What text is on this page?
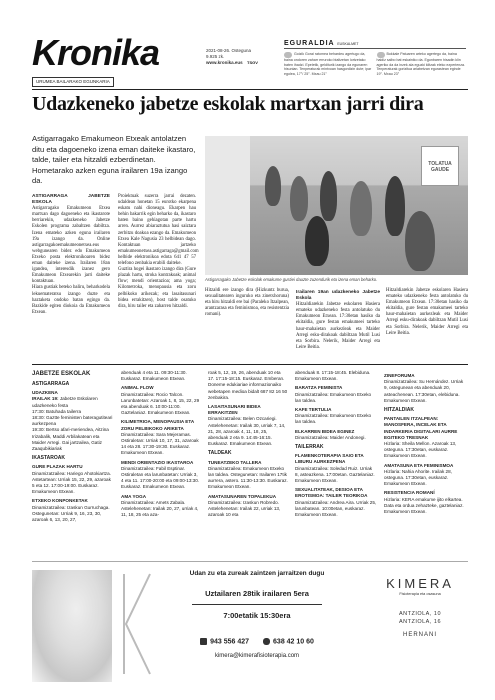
Kronika
URUMEA BAILARAKO EGUNKARIA
2021-08-26. Osteguna
9.925 zk.
www.kronika.eus	TSGV
EGURALDIA EUSKALMET
Goizik Gorai ratomea behardeu agertugo da, baina ondoren zaharr erruroko bialtzetan lortzetako baten ihadzi. Epeletik, gelditurik izango da egunaren hisunian. Tenperaturak mintxoan hasgordizin dute; ipar egolea, 17°/ 25°. Mxau 21°
Bokkale Patuaren arteko agertego da, baina haldiz salbo bat eskainiko da. Egunbaren hisadin klin ageriko da da inzek ala eguzki klitzak eleko ezperienza. Tenperaturak gorizitua ariabetzan egurastean eginde 19°. Mxau 23°
Udazkeneko jabetze eskolak martxan jarri dira
Astigarragako Emakumeon Etxeak antolatzen ditu eta dagoeneko izena eman daiteke ikastaro, talde, tailer eta hitzaldi ezberdinetan. Hometarako azken eguna irailaren 19a izango da.
TOLATUA GAUDE
Astigarragako Jabetze eskolak emakume gustiei dauzte zuzendurik eta izena eman beharko.
ASTIGARRAGA JABETZE ESKOLA

Astigarragako Emakumeon Etxea martxan dago dagoeneko eta ikastarote berriarekin, udazkeneko Jabetze Eskolen programa zabaltzen dabiltza. Izena emateko azken eguna irailaren 19a izango da. Online astigarragakoemakumeonetxea.eus webgunearen bidez edo Emakumeon Etxeko posta elektronikoaren bidez eman daiteke izena. Irailaren 18an igandea, interesdik izanez gero Emakumeon Etxearekin jarri daiteke kontaktuan.

Hiara gustiak beteko baliru, beharkodela lekuemateratsu izango duzte eta haztaketa ondoko batan egingo da. Bazkide egiten diokoia da Emakumeon Etxean.

Proiektuak suzerra jarrai dezaten. udaldean honetan 15 eurotko ekarpena eskatu nahi dioneagu. Ekarpen hau behin bakarrik egin beharko da, ikastaro baten baino gehiagotan parte hartu arren. Aurrez abiaraztutua hasi saiztara zerbitzu doakoa ezango da. Emakumeon Etxea Kale Nagusia 23 helbidean dago. Kontaktuan jartzeko emakumeonetxea.astigarraga@gmail.com helbide elektronikoa edota 641 47 57 telefono zenbakia erabili daiteke.

Guztira hogei ikastaro izango dira (Gure plazak hartu, stroka kontrakoak; animal flow; mendi orientazioa; ama yoga; Kilometroka, menopausia eta zoru pelbikoko arikezak; eta lasaitasunari bidea errakitzen), bost talde osatuko dira, hiru tailer eta zaharren hitzaldi.

Hitzaldi ere izango dira (Hizkuntz burua, sexualitatearen inguruko eta zinetxhoruna) eta hiru hitzaldi ere bai (Paraleko Itzalpean, arantzarasa eta feminismoa, eta resistentzia romani).

Irailaren 19an udazkeneko Jabetze Eskola

Hitzaldiarekin Jabetze eskolaren Hasiera emateko udazkeneko festa antolatuko du Emakumeon Etxean. 17:30etan hasiko da ekitaldia, gure festan emakumeei tarteko haur-mahaietan aurkezleak eta Maider Arregi esku-dirakoak dabiltzan Mutil Lusi eta Sorbira. Nelerik, Maider Arregi eta Leire Beitia.

Hitzaldiarekin Jabetze eskolaren Hasiera emateko udazkeneko festa antolatuko du Emakumeon Etxean. 17:30etan hasiko da ekitaldia, gure festan emakumeei tarteko haur-mahaietan aurkezleak eta Maider Arregi esku-dirakoak dabiltzan Mutil Lusi eta Sorbira. Nelerik, Maider Arregi eta Leire Beitia.

JABETZE ESKOLAK
ASTIGARRAGA
UDAZKENA

IRAILAK 19: Jabetze Eskolaren udazkeneko festa

17:30: Batuhada tailerra

18:30: Gaztte feministen bateragutiteari aurkezpena

19:30: Bertso afari-meriendea, Aitzina Irizabalik, Maddi Arbilakatean eta Maider Arregi. Gai jartzailea, Gatiz Zaaqubikiariak

IKASTAROAK
GURE PLAZAK HARTU

Dinamizatzailea: Hariego Ahotokiartza. Astetartean: Urriak 15, 22, 29, azaroak 5 eta 12. 17:00-19:00. Euskaraz. Emakumeon Etxean.

ETXEKO KONPONKETAK

Dinamizatzailea: Izaskun Gurruchaga. Ostegunetan: Urriak 9, 16, 23, 30, azaroak 6, 13, 20, 27,

abenduak 4 eta 11. 09:30-11:30. Euskaraz. Emakumeon Etxean.

ANIMAL FLOW

Dinamizatzailea: Rocio Talcon. Larunbatetan: Azaroak 1, 8, 15, 22, 29 eta abenduak 6. 10:00-11:00. Gaztelaniaz. Emakumeon Etxean.

KILIMETRIOA, MENOPAUSIA ETA ZORU PELBIKOKO ARIKETA

Dinamizatzailea: Sara Mejeramas. Ostiraletan: Urriak 10, 17, 31, azaroak 14 eta 28. 17:30-19:30. Euskaraz. Emakumeon Etxean.

MENDI ORIENTAZIO IKASTAROA

Dinamizatzailea: Fabil Esptinar. Ostiraletan eta larunbatetan: Urriak 3, 4 eta 11. 17:00-20:00 eta 09:00-13:30. Euskaraz. Emakumeon Etxean.

AMA YOGA

Dinamizatzailea: Amets Zabala. Astelehenetan: Irailak 20, 27, urriak 4, 11, 18, 25 eta aza-

roak 5, 12, 19, 26, abenduak 10 eta 17. 17:15-18:15. Euskaraz. Emberan. Doneme edukiariae informazionaiko webetapen medioa bidalt 687 82 16 50 zenbakira.

LASAITASUNARI BIDEA ERRAKITZEN

Dinamizatzailea: Belen Ozcariegi. Astelehenetan: Irailak 30, urriak 7, 14, 21, 28, azaroak 4, 11, 18, 25, abenduak 2 eta 9. 14:45-16:15. Euskaraz. Emakumeon Etxean.

TALDEAK
TUNEATZEKO TALLERA

Dinamizatzailea: Emakumeon Etxeko lan taldea. Ostegunetan: Irailaren 17tik aurrera, astero. 11:30-13:30. Euskaraz. Emakumeon Etxean.

AMATASUNAREN TOPALEKUA

Dinamizatzailea: Izaskun Robredo. Astelehenetan: Irailak 22, urriak 13, azaroak 10 eta

abenduak 8. 17:15-18:45. Elebiduna. Emakumeon Etxean.

BARATZA FEMINISTA

Dinamizatzailea: Emakumeon Etxeko lan taldea.

KAFE TERTULIA

Dinamizatzailea: Emakumeon Etxeko lan taldea.

ELKARREN BIDEA EGINEZ

Dinamizatzailea: Maider Andonegi.

TAILERRAK
FLAMENKOTERAPIA SAIO ETA LIBURU AURKEZPENA

Dinamizatzailea: Soledad Ruiz. Urriak 8, asteazkena. 17:00etan. Gaztelaniaz. Emakumeon Etxean.

SEXUALITATEAK, DESIOA ETA EROTISMOA: TAILER TEORIKOA

Dinamizatzailea: Andrea Aira. Urriak 25, larunbatean. 10:00etan, euskaraz. Emakumeon Etxean.

ZINEFORUMA

Dinamizatzailea: Su Hernández. Urriak 9, ostegunean eta abenduak 20, asteachenean. 17:30etan, elebiduna. Emakumeon Etxean.

HITZALDIAK
PANTAILEN ITZALPEAN: MANOSFERA, INCELAK ETA INDARKERIA DIGITALARI AURRE EGITEKO TRESNAK

Hizlaria: Sheila Mellon. Azaroak 13, osteguna. 17:30etan, euskaraz. Emakumeon Etxean.

AMATASUNA ETA FEMINISMOA

Hizlaria: Nahia Ahorite. Irailak 28, osteguna. 17:30etan, euskaraz. Emakumeon Etxean.

RESISTENCIA ROMANÍ

Hizlaria: KERA emakume ijito elkartea. Data eta ordua zehazteke, gaztelaniaz. Emakumeon Etxean.

Udan zu eta zureak zaintzen jarraitzen dugu
Uztailaren 28tik irailaren 5era
7:00etatik 15:30era
943 556 427	638 42 10 60
kimera@kimerafisioterapia.com
KIMERA
Fisioterapia eta osasuna
ANTZIOLA, 10
ANTZIOLA, 16
HERNANI
